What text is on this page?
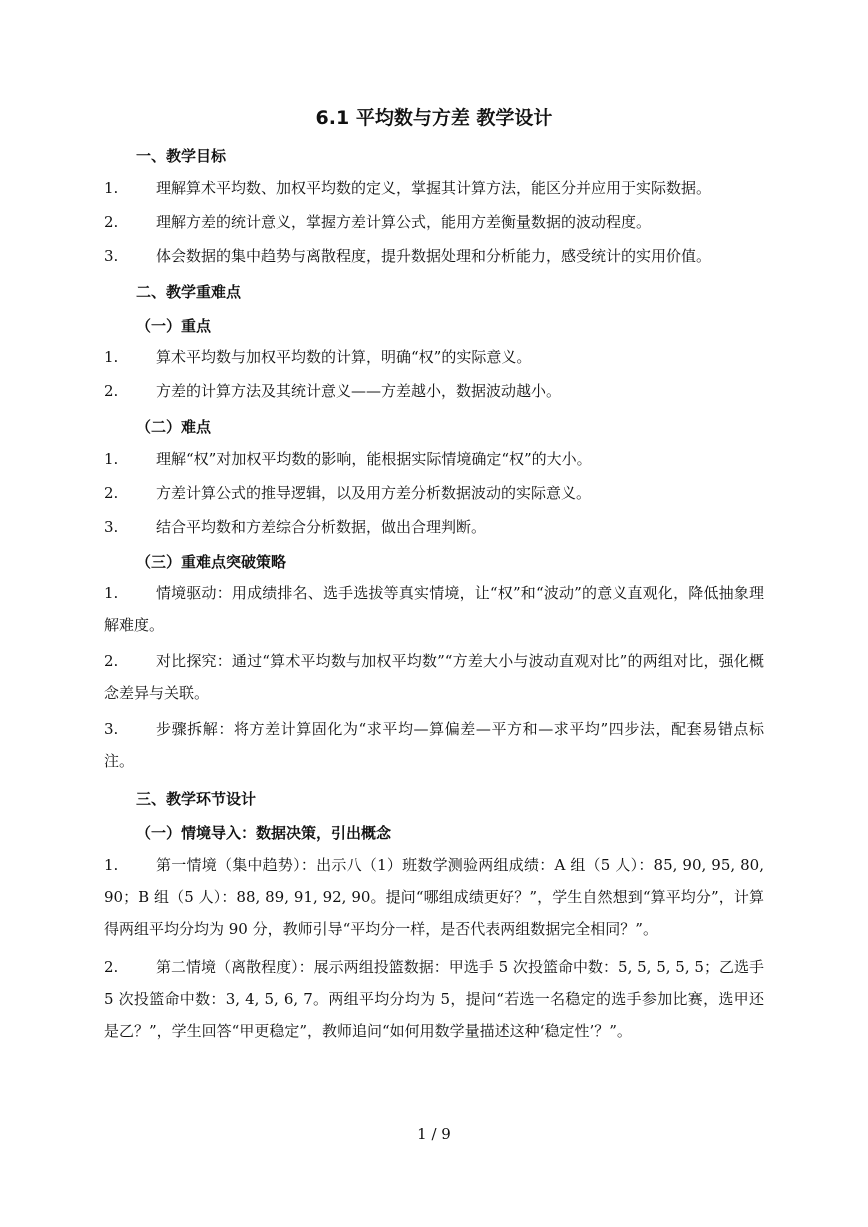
6.1 平均数与方差 教学设计
一、教学目标
1.	理解算术平均数、加权平均数的定义，掌握其计算方法，能区分并应用于实际数据。
2.	理解方差的统计意义，掌握方差计算公式，能用方差衡量数据的波动程度。
3.	体会数据的集中趋势与离散程度，提升数据处理和分析能力，感受统计的实用价值。
二、教学重难点
（一）重点
1.	算术平均数与加权平均数的计算，明确“权”的实际意义。
2.	方差的计算方法及其统计意义——方差越小，数据波动越小。
（二）难点
1.	理解“权”对加权平均数的影响，能根据实际情境确定“权”的大小。
2.	方差计算公式的推导逻辑，以及用方差分析数据波动的实际意义。
3.	结合平均数和方差综合分析数据，做出合理判断。
（三）重难点突破策略
1.	情境驱动：用成绩排名、选手选拔等真实情境，让“权”和“波动”的意义直观化，降低抽象理解难度。
2.	对比探究：通过“算术平均数与加权平均数”“方差大小与波动直观对比”的两组对比，强化概念差异与关联。
3.	步骤拆解：将方差计算固化为“求平均—算偏差—平方和—求平均”四步法，配套易错点标注。
三、教学环节设计
（一）情境导入：数据决策，引出概念
1.	第一情境（集中趋势）：出示八（1）班数学测验两组成绩：A 组（5 人）：85, 90, 95, 80, 90；B 组（5 人）：88, 89, 91, 92, 90。提问“哪组成绩更好？”，学生自然想到“算平均分”，计算得两组平均分均为 90 分，教师引导“平均分一样，是否代表两组数据完全相同？”。
2.	第二情境（离散程度）：展示两组投篮数据：甲选手 5 次投篮命中数：5, 5, 5, 5, 5；乙选手 5 次投篮命中数：3, 4, 5, 6, 7。两组平均分均为 5，提问“若选一名稳定的选手参加比赛，选甲还是乙？”，学生回答“甲更稳定”，教师追问“如何用数学量描述这种‘稳定性’？”。
1 / 9
